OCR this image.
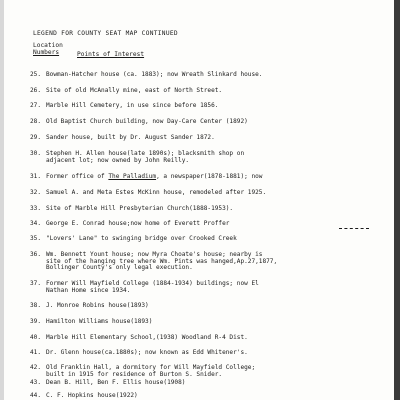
LEGEND FOR COUNTY SEAT MAP CONTINUED
Location
Numbers	Points of Interest
25. Bowman-Hatcher house (ca. 1883); now Wreath Slinkard house.
26. Site of old McAnally mine, east of North Street.
27. Marble Hill Cemetery, in use since before 1856.
28. Old Baptist Church building, now Day-Care Center (1892)
29. Sander house, built by Dr. August Sander 1872.
30. Stephen H. Allen house(late 1890s); blacksmith shop on
adjacent lot; now owned by John Reilly.
31. Former office of The Palladium, a newspaper(1878-1881); now
32. Samuel A. and Meta Estes McKinn house, remodeled after 1925.
33. Site of Marble Hill Presbyterian Church(1888-1953).
34. George E. Conrad house;now home of Everett Proffer
35. "Lovers' Lane" to swinging bridge over Crooked Creek
36. Wm. Bennett Yount house; now Myra Choate's house; nearby is
site of the hanging tree where Wm. Pints was hanged,Ap.27,1877,
Bollinger County's only legal execution.
37. Former Will Mayfield College (1884-1934) buildings; now El
Nathan Home since 1934.
38. J. Monroe Robins house(1893)
39. Hamilton Williams house(1893)
40. Marble Hill Elementary School,(1938) Woodland R-4 Dist.
41. Dr. Glenn house(ca.1880s); now known as Edd Whitener's.
42. Old Franklin Hall, a dormitory for Will Mayfield College;
built in 1915 for residence of Burton S. Snider.
43. Dean B. Hill, Ben F. Ellis house(1908)
44. C. F. Hopkins house(1922)
